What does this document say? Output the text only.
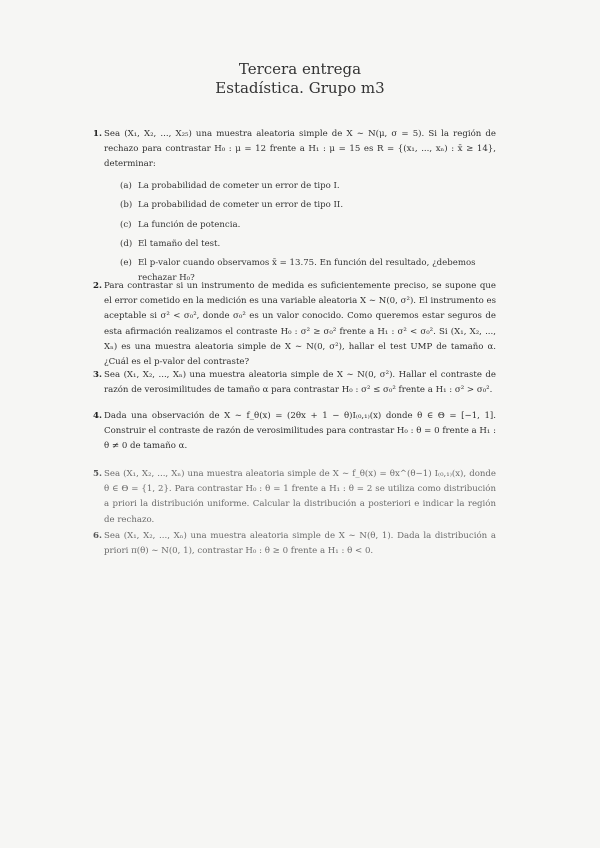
Tercera entrega
Estadística. Grupo m3
1. Sea (X₁, X₂, ..., X₂₅) una muestra aleatoria simple de X ∼ N(μ, σ = 5). Si la región de rechazo para contrastar H₀ : μ = 12 frente a H₁ : μ = 15 es R = {(x₁, ..., xₙ) : x̄ ≥ 14}, determinar:

(a) La probabilidad de cometer un error de tipo I.
(b) La probabilidad de cometer un error de tipo II.
(c) La función de potencia.
(d) El tamaño del test.
(e) El p-valor cuando observamos x̄ = 13.75. En función del resultado, ¿debemos rechazar H₀?
2. Para contrastar si un instrumento de medida es suficientemente preciso, se supone que el error cometido en la medición es una variable aleatoria X ∼ N(0, σ²). El instrumento es aceptable si σ² < σ₀², donde σ₀² es un valor conocido. Como queremos estar seguros de esta afirmación realizamos el contraste H₀ : σ² ≥ σ₀² frente a H₁ : σ² < σ₀². Si (X₁, X₂, ..., Xₙ) es una muestra aleatoria simple de X ∼ N(0, σ²), hallar el test UMP de tamaño α. ¿Cuál es el p-valor del contraste?

3. Sea (X₁, X₂, ..., Xₙ) una muestra aleatoria simple de X ∼ N(0, σ²). Hallar el contraste de razón de verosimilitudes de tamaño α para contrastar H₀ : σ² ≤ σ₀² frente a H₁ : σ² > σ₀².

4. Dada una observación de X ∼ f_θ(x) = (2θx + 1 − θ)I₍₀,₁₎(x) donde θ ∈ Θ = [−1, 1]. Construir el contraste de razón de verosimilitudes para contrastar H₀ : θ = 0 frente a H₁ : θ ≠ 0 de tamaño α.

5. Sea (X₁, X₂, ..., Xₙ) una muestra aleatoria simple de X ∼ f_θ(x) = θx^(θ−1) I₍₀,₁₎(x), donde θ ∈ Θ = {1, 2}. Para contrastar H₀ : θ = 1 frente a H₁ : θ = 2 se utiliza como distribución a priori la distribución uniforme. Calcular la distribución a posteriori e indicar la región de rechazo.

6. Sea (X₁, X₂, ..., Xₙ) una muestra aleatoria simple de X ∼ N(θ, 1). Dada la distribución a priori π(θ) ∼ N(0, 1), contrastar H₀ : θ ≥ 0 frente a H₁ : θ < 0.
